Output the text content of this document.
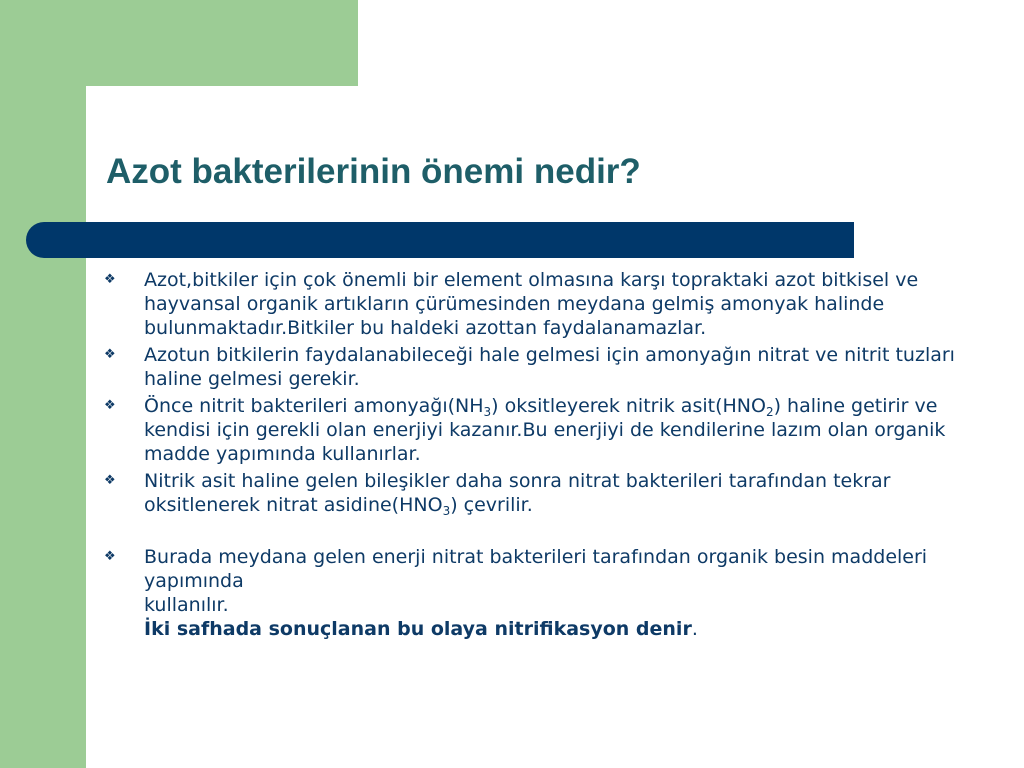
Azot bakterilerinin önemi nedir?
❖ Azot,bitkiler için çok önemli bir element olmasına karşı topraktaki azot bitkisel ve hayvansal organik artıkların çürümesinden meydana gelmiş amonyak halinde bulunmaktadır.Bitkiler bu haldeki azottan faydalanamazlar.
❖ Azotun bitkilerin faydalanabileceği hale gelmesi için amonyağın nitrat ve nitrit tuzları haline gelmesi gerekir.
❖ Önce nitrit bakterileri $amonyağı(NH_3)$ oksitleyerek nitrik $asit(HNO_2)$ haline getirir ve kendisi için gerekli olan enerjiyi kazanır.Bu enerjiyi de kendilerine lazım olan organik madde yapımında kullanırlar.
❖ Nitrik asit haline gelen bileşikler daha sonra nitrat bakterileri tarafından tekrar oksitlenerek nitrat $asidine(HNO_3)$ çevrilir.
❖ Burada meydana gelen enerji nitrat bakterileri tarafından organik besin maddeleri yapımında
kullanılır.
İki safhada sonuçlanan bu olaya nitrifikasyon denir.
